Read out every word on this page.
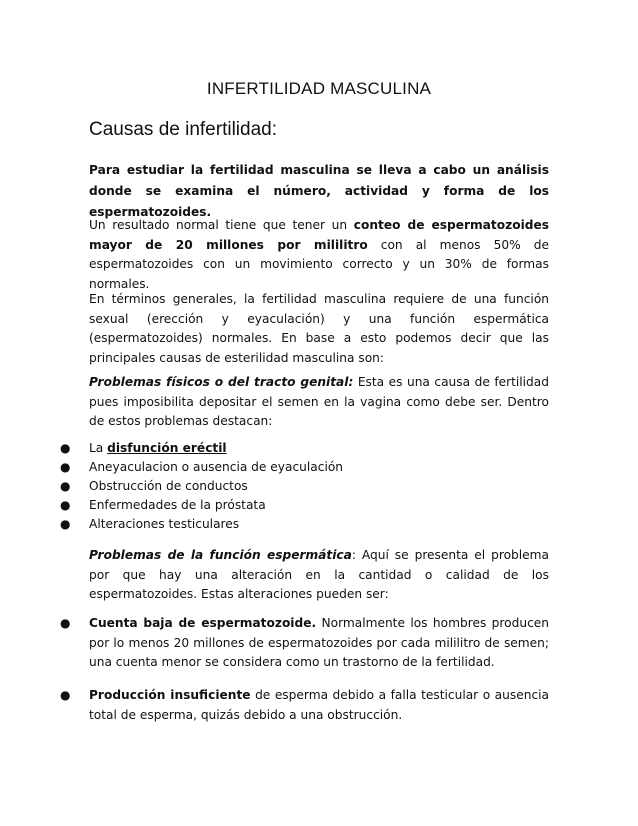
INFERTILIDAD MASCULINA
Causas de infertilidad:
Para estudiar la fertilidad masculina se lleva a cabo un análisis donde se examina el número, actividad y forma de los espermatozoides.
Un resultado normal tiene que tener un conteo de espermatozoides mayor de 20 millones por mililitro con al menos 50% de espermatozoides con un movimiento correcto y un 30% de formas normales.
En términos generales, la fertilidad masculina requiere de una función sexual (erección y eyaculación) y una función espermática (espermatozoides) normales. En base a esto podemos decir que las principales causas de esterilidad masculina son:
Problemas físicos o del tracto genital: Esta es una causa de fertilidad pues imposibilita depositar el semen en la vagina como debe ser. Dentro de estos problemas destacan:
● La disfunción eréctil
● Aneyaculacion o ausencia de eyaculación
● Obstrucción de conductos
● Enfermedades de la próstata
● Alteraciones testiculares
Problemas de la función espermática: Aquí se presenta el problema por que hay una alteración en la cantidad o calidad de los espermatozoides. Estas alteraciones pueden ser:
● Cuenta baja de espermatozoide. Normalmente los hombres producen por lo menos 20 millones de espermatozoides por cada mililitro de semen; una cuenta menor se considera como un trastorno de la fertilidad.
● Producción insuficiente de esperma debido a falla testicular o ausencia total de esperma, quizás debido a una obstrucción.
